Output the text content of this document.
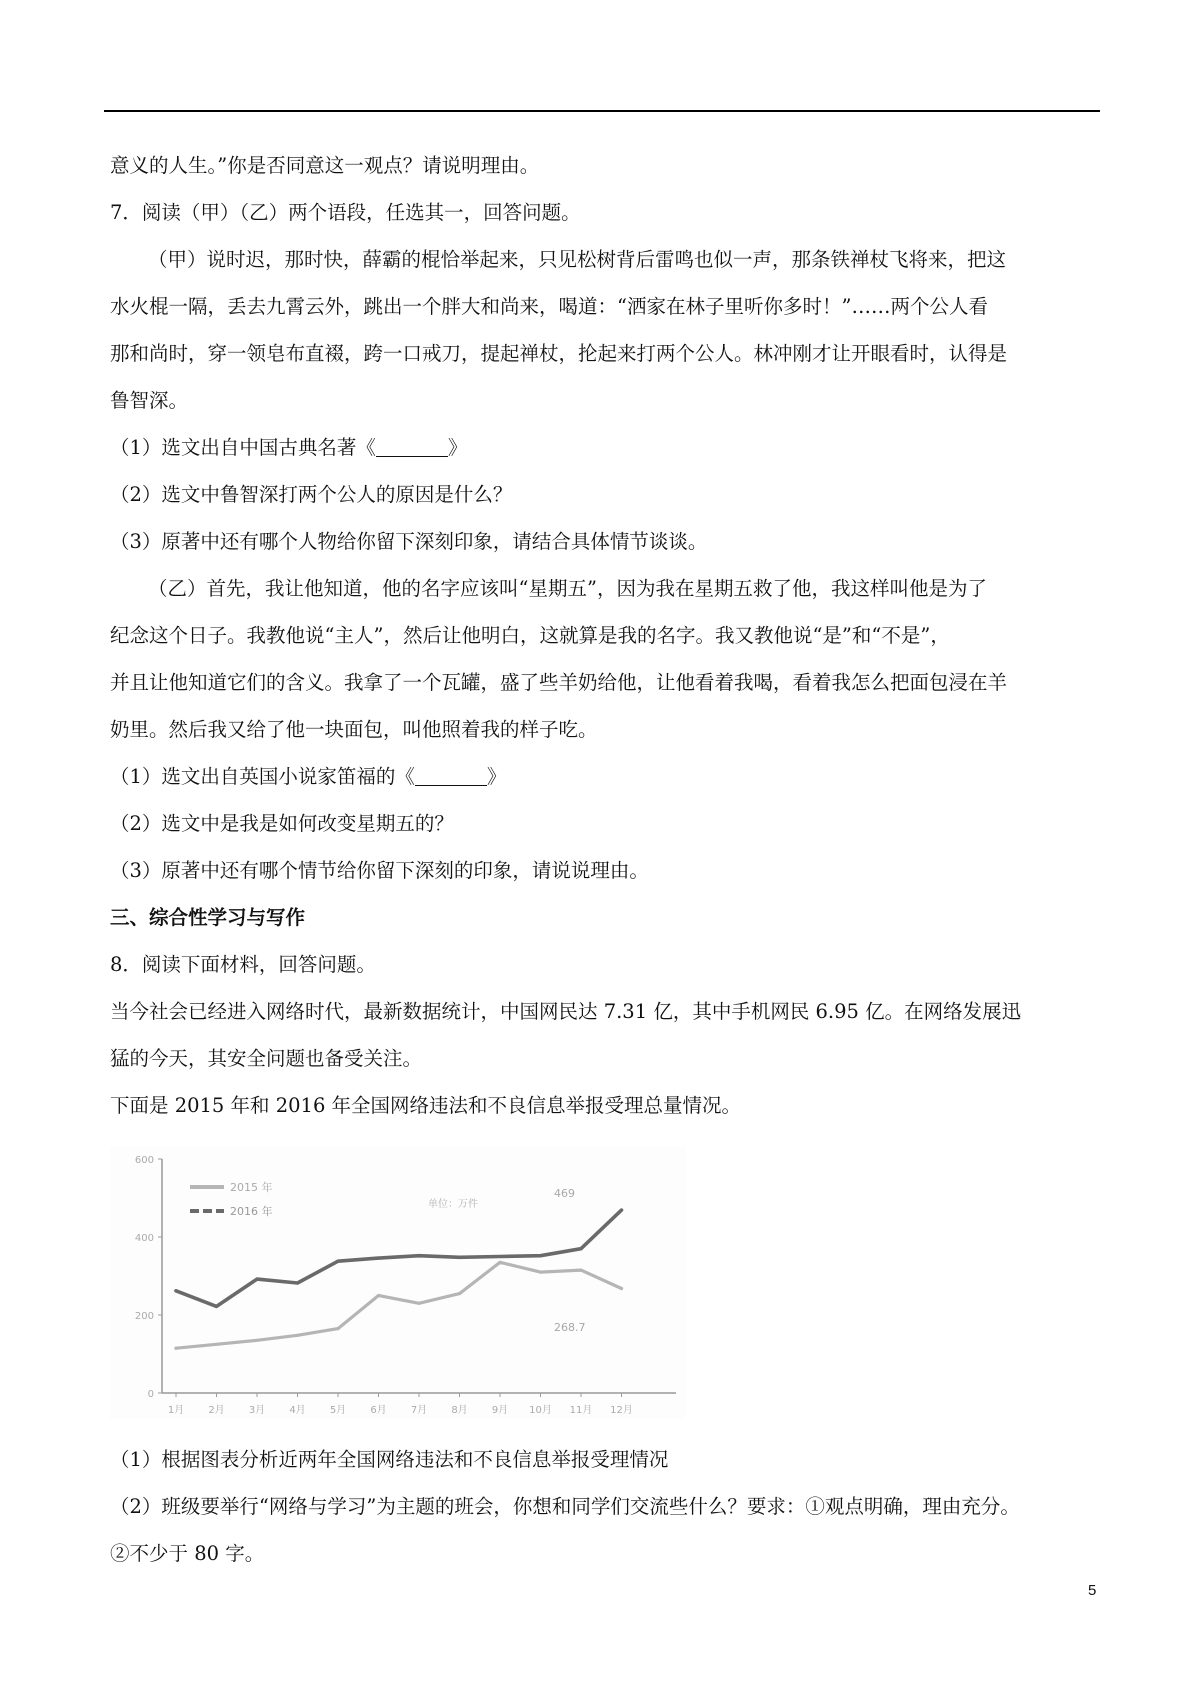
意义的人生。”你是否同意这一观点？请说明理由。
7．阅读（甲）（乙）两个语段，任选其一，回答问题。
（甲）说时迟，那时快，薛霸的棍恰举起来，只见松树背后雷鸣也似一声，那条铁禅杖飞将来，把这
水火棍一隔，丢去九霄云外，跳出一个胖大和尚来，喝道：“洒家在林子里听你多时！”……两个公人看
那和尚时，穿一领皂布直裰，跨一口戒刀，提起禅杖，抡起来打两个公人。林冲刚才让开眼看时，认得是
鲁智深。
（1）选文出自中国古典名著《	》
（2）选文中鲁智深打两个公人的原因是什么？
（3）原著中还有哪个人物给你留下深刻印象，请结合具体情节谈谈。
（乙）首先，我让他知道，他的名字应该叫“星期五”，因为我在星期五救了他，我这样叫他是为了
纪念这个日子。我教他说“主人”，然后让他明白，这就算是我的名字。我又教他说“是”和“不是”，
并且让他知道它们的含义。我拿了一个瓦罐，盛了些羊奶给他，让他看着我喝，看着我怎么把面包浸在羊
奶里。然后我又给了他一块面包，叫他照着我的样子吃。
（1）选文出自英国小说家笛福的《	》
（2）选文中是我是如何改变星期五的？
（3）原著中还有哪个情节给你留下深刻的印象，请说说理由。
三、综合性学习与写作
8．阅读下面材料，回答问题。
当今社会已经进入网络时代，最新数据统计，中国网民达 7.31 亿，其中手机网民 6.95 亿。在网络发展迅
猛的今天，其安全问题也备受关注。
下面是 2015 年和 2016 年全国网络违法和不良信息举报受理总量情况。
0
200
400
600
1月 2月 3月 4月 5月 6月 7月 8月 9月 10月 11月 12月
2015 年
2016 年
单位：万件
469
268.7
（1）根据图表分析近两年全国网络违法和不良信息举报受理情况
（2）班级要举行“网络与学习”为主题的班会，你想和同学们交流些什么？要求：①观点明确，理由充分。
②不少于 80 字。
5
